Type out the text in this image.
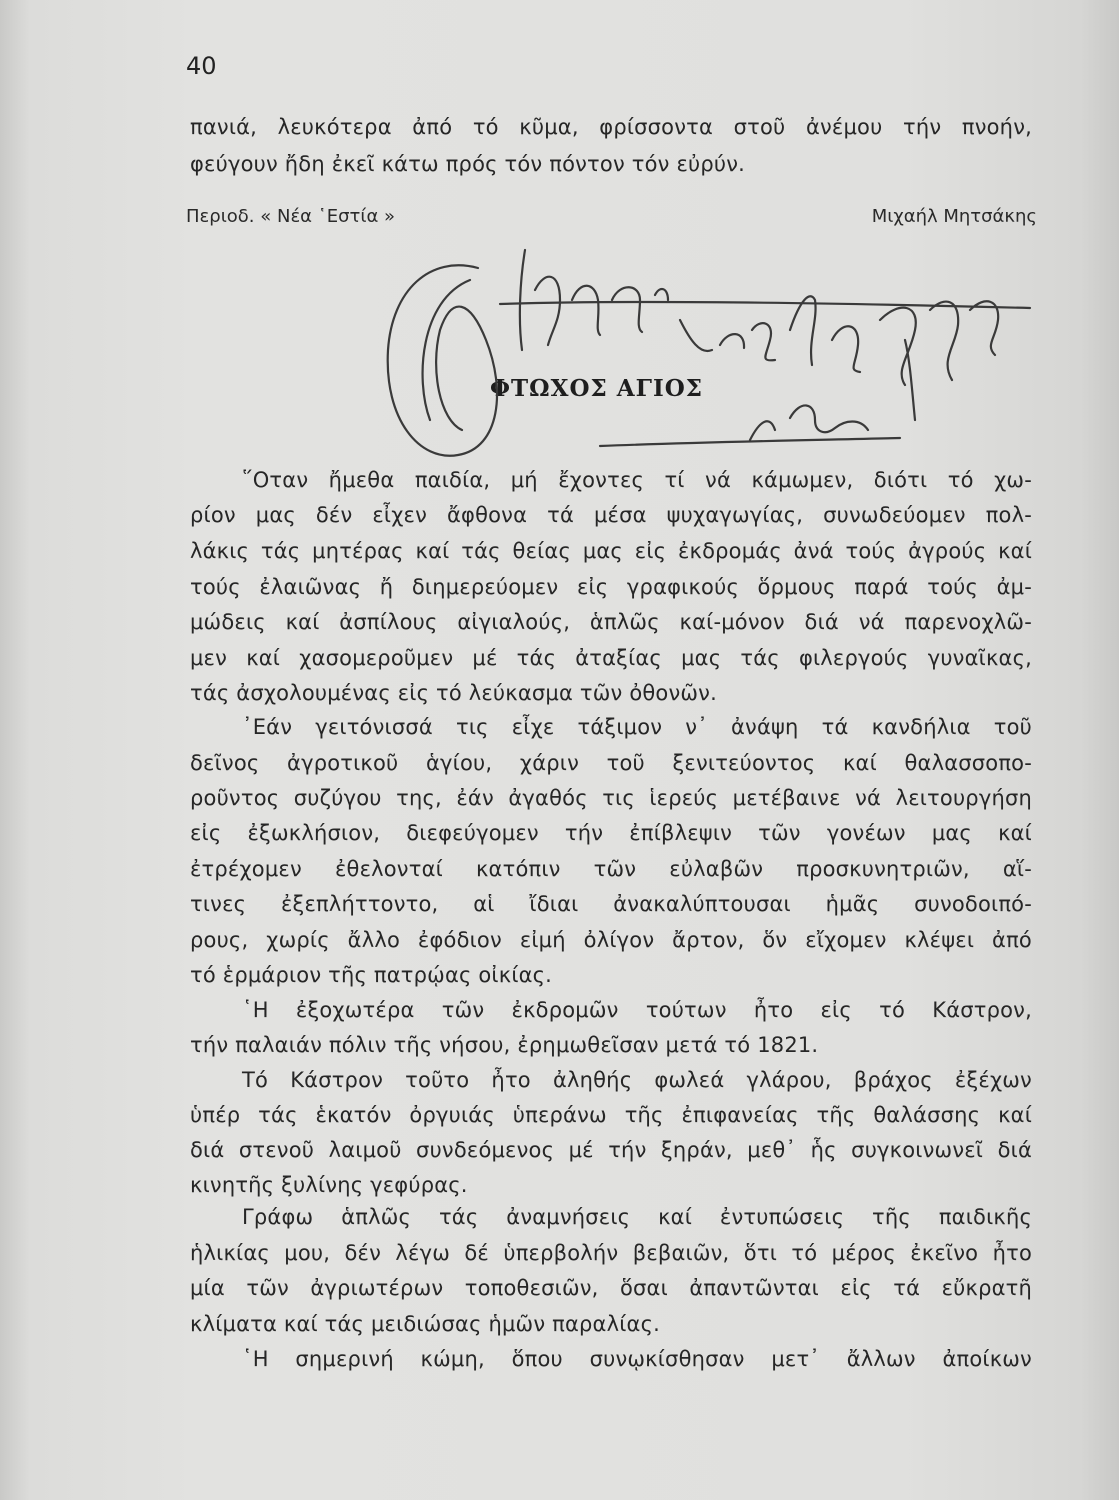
40
πανιά, λευκότερα ἀπό τό κῦμα, φρίσσοντα στοῦ ἀνέμου τήν πνοήν,
φεύγουν ἤδη ἐκεῖ κάτω πρός τόν πόντον τόν εὐρύν.
Περιοδ. « Νέα ῾Εστία »	Μιχαήλ Μητσάκης
ΦΤΩΧΟΣ ΑΓΙΟΣ
῞Οταν ἤμεθα παιδία, μή ἔχοντες τί νά κάμωμεν, διότι τό χω-
ρίον μας δέν εἶχεν ἄφθονα τά μέσα ψυχαγωγίας, συνωδεύομεν πολ-
λάκις τάς μητέρας καί τάς θείας μας εἰς ἐκδρομάς ἀνά τούς ἀγρούς καί
τούς ἐλαιῶνας ἤ διημερεύομεν εἰς γραφικούς ὅρμους παρά τούς ἀμ-
μώδεις καί ἀσπίλους αἰγιαλούς, ἁπλῶς καί-μόνον διά νά παρενοχλῶ-
μεν καί χασομεροῦμεν μέ τάς ἀταξίας μας τάς φιλεργούς γυναῖκας,
τάς ἀσχολουμένας εἰς τό λεύκασμα τῶν ὀθονῶν.
᾿Εάν γειτόνισσά τις εἶχε τάξιμον ν᾿ ἀνάψη τά κανδήλια τοῦ
δεῖνος ἀγροτικοῦ ἁγίου, χάριν τοῦ ξενιτεύοντος καί θαλασσοπο-
ροῦντος συζύγου της, ἐάν ἀγαθός τις ἱερεύς μετέβαινε νά λειτουργήση
εἰς ἐξωκλήσιον, διεφεύγομεν τήν ἐπίβλεψιν τῶν γονέων μας καί
ἐτρέχομεν ἐθελονταί κατόπιν τῶν εὐλαβῶν προσκυνητριῶν, αἵ-
τινες ἐξεπλήττοντο, αἱ ἴδιαι ἀνακαλύπτουσαι ἡμᾶς συνοδοιπό-
ρους, χωρίς ἄλλο ἐφόδιον εἰμή ὀλίγον ἄρτον, ὅν εἴχομεν κλέψει ἀπό
τό ἑρμάριον τῆς πατρῴας οἰκίας.
῾Η ἐξοχωτέρα τῶν ἐκδρομῶν τούτων ἦτο εἰς τό Κάστρον,
τήν παλαιάν πόλιν τῆς νήσου, ἐρημωθεῖσαν μετά τό 1821.
Τό Κάστρον τοῦτο ἦτο ἀληθής φωλεά γλάρου, βράχος ἐξέχων
ὑπέρ τάς ἑκατόν ὀργυιάς ὑπεράνω τῆς ἐπιφανείας τῆς θαλάσσης καί
διά στενοῦ λαιμοῦ συνδεόμενος μέ τήν ξηράν, μεθ᾿ ἧς συγκοινωνεῖ διά
κινητῆς ξυλίνης γεφύρας.
Γράφω ἁπλῶς τάς ἀναμνήσεις καί ἐντυπώσεις τῆς παιδικῆς
ἡλικίας μου, δέν λέγω δέ ὑπερβολήν βεβαιῶν, ὅτι τό μέρος ἐκεῖνο ἦτο
μία τῶν ἀγριωτέρων τοποθεσιῶν, ὅσαι ἀπαντῶνται εἰς τά εὔκρατῆ
κλίματα καί τάς μειδιώσας ἡμῶν παραλίας.
῾Η σημερινή κώμη, ὅπου συνῳκίσθησαν μετ᾿ ἄλλων ἀποίκων
